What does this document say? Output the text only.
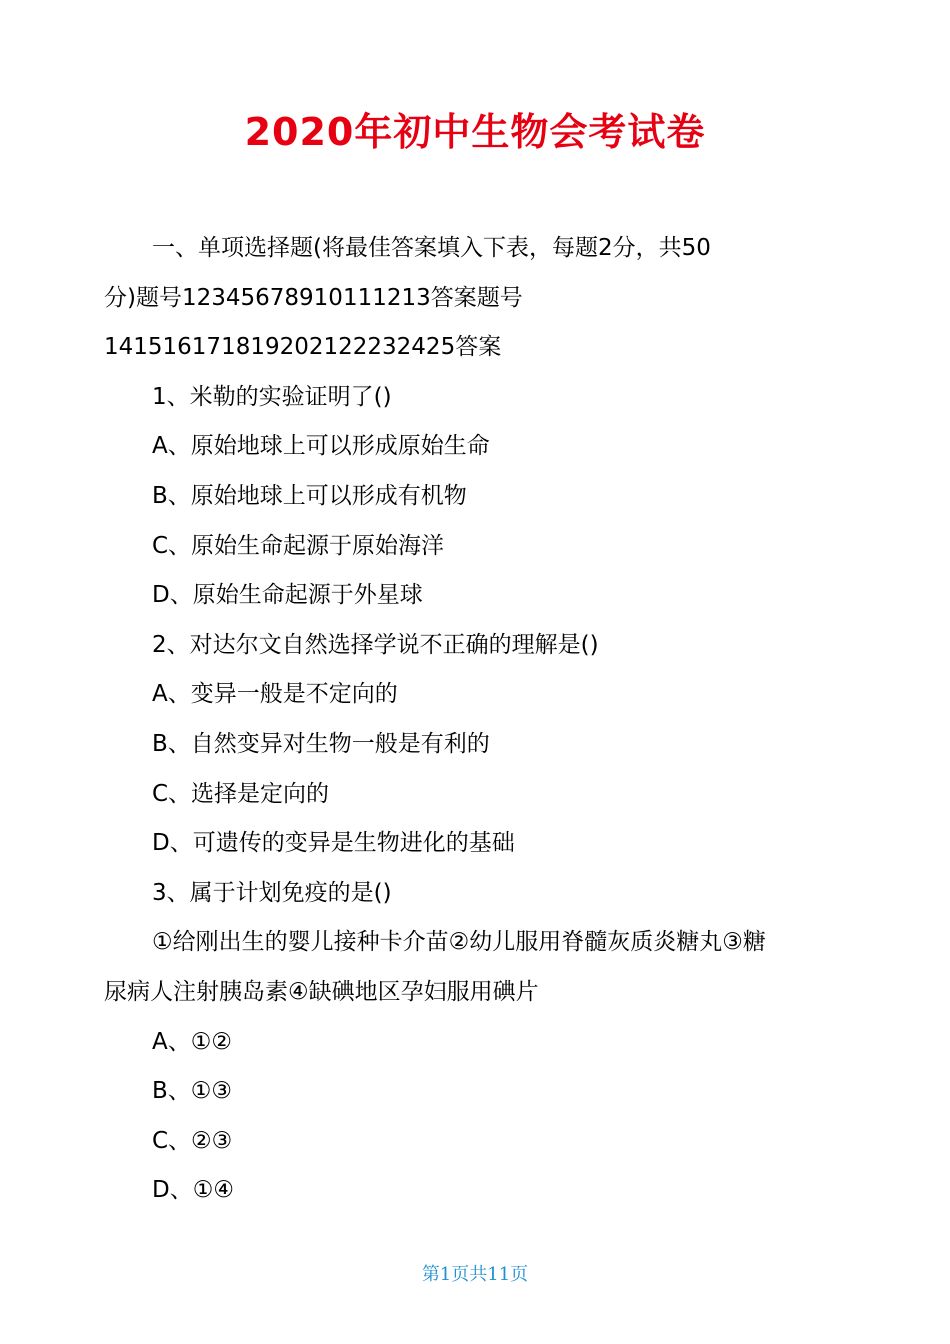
2020年初中生物会考试卷

一、单项选择题(将最佳答案填入下表，每题2分，共50

分)题号12345678910111213答案题号

141516171819202122232425答案

1、米勒的实验证明了()

A、原始地球上可以形成原始生命

B、原始地球上可以形成有机物

C、原始生命起源于原始海洋

D、原始生命起源于外星球

2、对达尔文自然选择学说不正确的理解是()

A、变异一般是不定向的

B、自然变异对生物一般是有利的

C、选择是定向的

D、可遗传的变异是生物进化的基础

3、属于计划免疫的是()

①给刚出生的婴儿接种卡介苗②幼儿服用脊髓灰质炎糖丸③糖

尿病人注射胰岛素④缺碘地区孕妇服用碘片

A、①②

B、①③

C、②③

D、①④

第1页共11页
